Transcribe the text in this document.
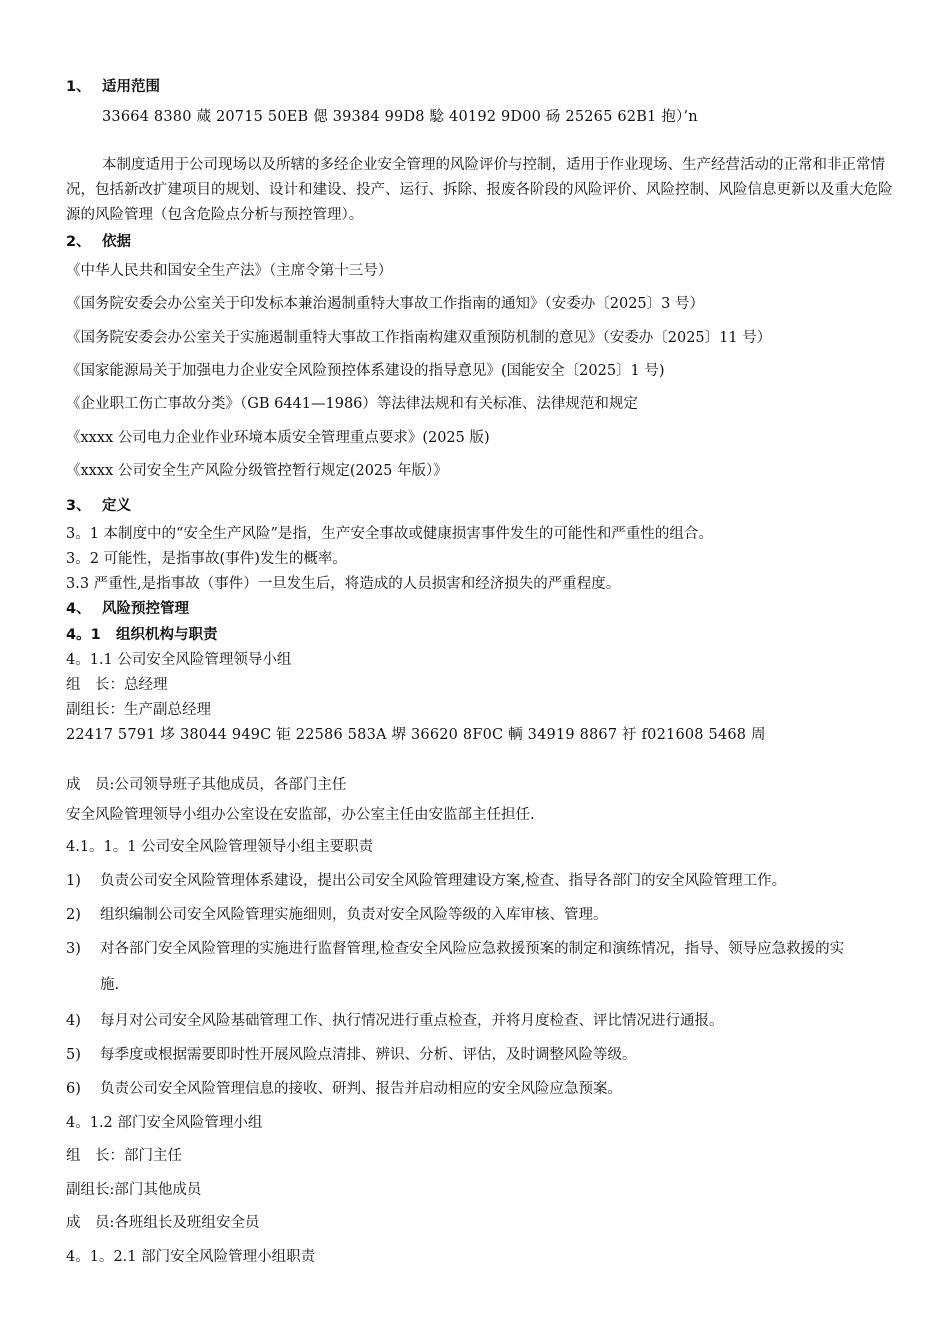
1、 适用范围
33664 8380 蒇 20715 50EB 偲 39384 99D8 騐 40192 9D00 砀 25265 62B1 抱）’n
本制度适用于公司现场以及所辖的多经企业安全管理的风险评价与控制，适用于作业现场、生产经营活动的正常和非正常情况，包括新改扩建项目的规划、设计和建设、投产、运行、拆除、报废各阶段的风险评价、风险控制、风险信息更新以及重大危险源的风险管理（包含危险点分析与预控管理）。
2、 依据
《中华人民共和国安全生产法》（主席令第十三号）
《国务院安委会办公室关于印发标本兼治遏制重特大事故工作指南的通知》（安委办〔2025〕3 号）
《国务院安委会办公室关于实施遏制重特大事故工作指南构建双重预防机制的意见》（安委办〔2025〕11 号）
《国家能源局关于加强电力企业安全风险预控体系建设的指导意见》(国能安全〔2025〕1 号)
《企业职工伤亡事故分类》（GB 6441—1986）等法律法规和有关标准、法律规范和规定
《xxxx 公司电力企业作业环境本质安全管理重点要求》(2025 版)
《xxxx 公司安全生产风险分级管控暂行规定(2025 年版）》
3、 定义
3。1 本制度中的“安全生产风险”是指，生产安全事故或健康损害事件发生的可能性和严重性的组合。
3。2 可能性，是指事故(事件)发生的概率。
3.3 严重性,是指事故（事件）一旦发生后，将造成的人员损害和经济损失的严重程度。
4、 风险预控管理
4。1 组织机构与职责
4。1.1 公司安全风险管理领导小组
组　长：总经理
副组长：生产副总经理
22417 5791 垑 38044 949C 钜 22586 583A 堺 36620 8F0C 輌 34919 8867 衧 f021608 5468 周
成　员:公司领导班子其他成员，各部门主任
安全风险管理领导小组办公室设在安监部，办公室主任由安监部主任担任.
4.1。1。1 公司安全风险管理领导小组主要职责
1)	负责公司安全风险管理体系建设，提出公司安全风险管理建设方案,检查、指导各部门的安全风险管理工作。
2)	组织编制公司安全风险管理实施细则，负责对安全风险等级的入库审核、管理。
3)	对各部门安全风险管理的实施进行监督管理,检查安全风险应急救援预案的制定和演练情况，指导、领导应急救援的实施.
4)	每月对公司安全风险基础管理工作、执行情况进行重点检查，并将月度检查、评比情况进行通报。
5)	每季度或根据需要即时性开展风险点清排、辨识、分析、评估，及时调整风险等级。
6)	负责公司安全风险管理信息的接收、研判、报告并启动相应的安全风险应急预案。
4。1.2 部门安全风险管理小组
组　长：部门主任
副组长:部门其他成员
成　员:各班组长及班组安全员
4。1。2.1 部门安全风险管理小组职责
